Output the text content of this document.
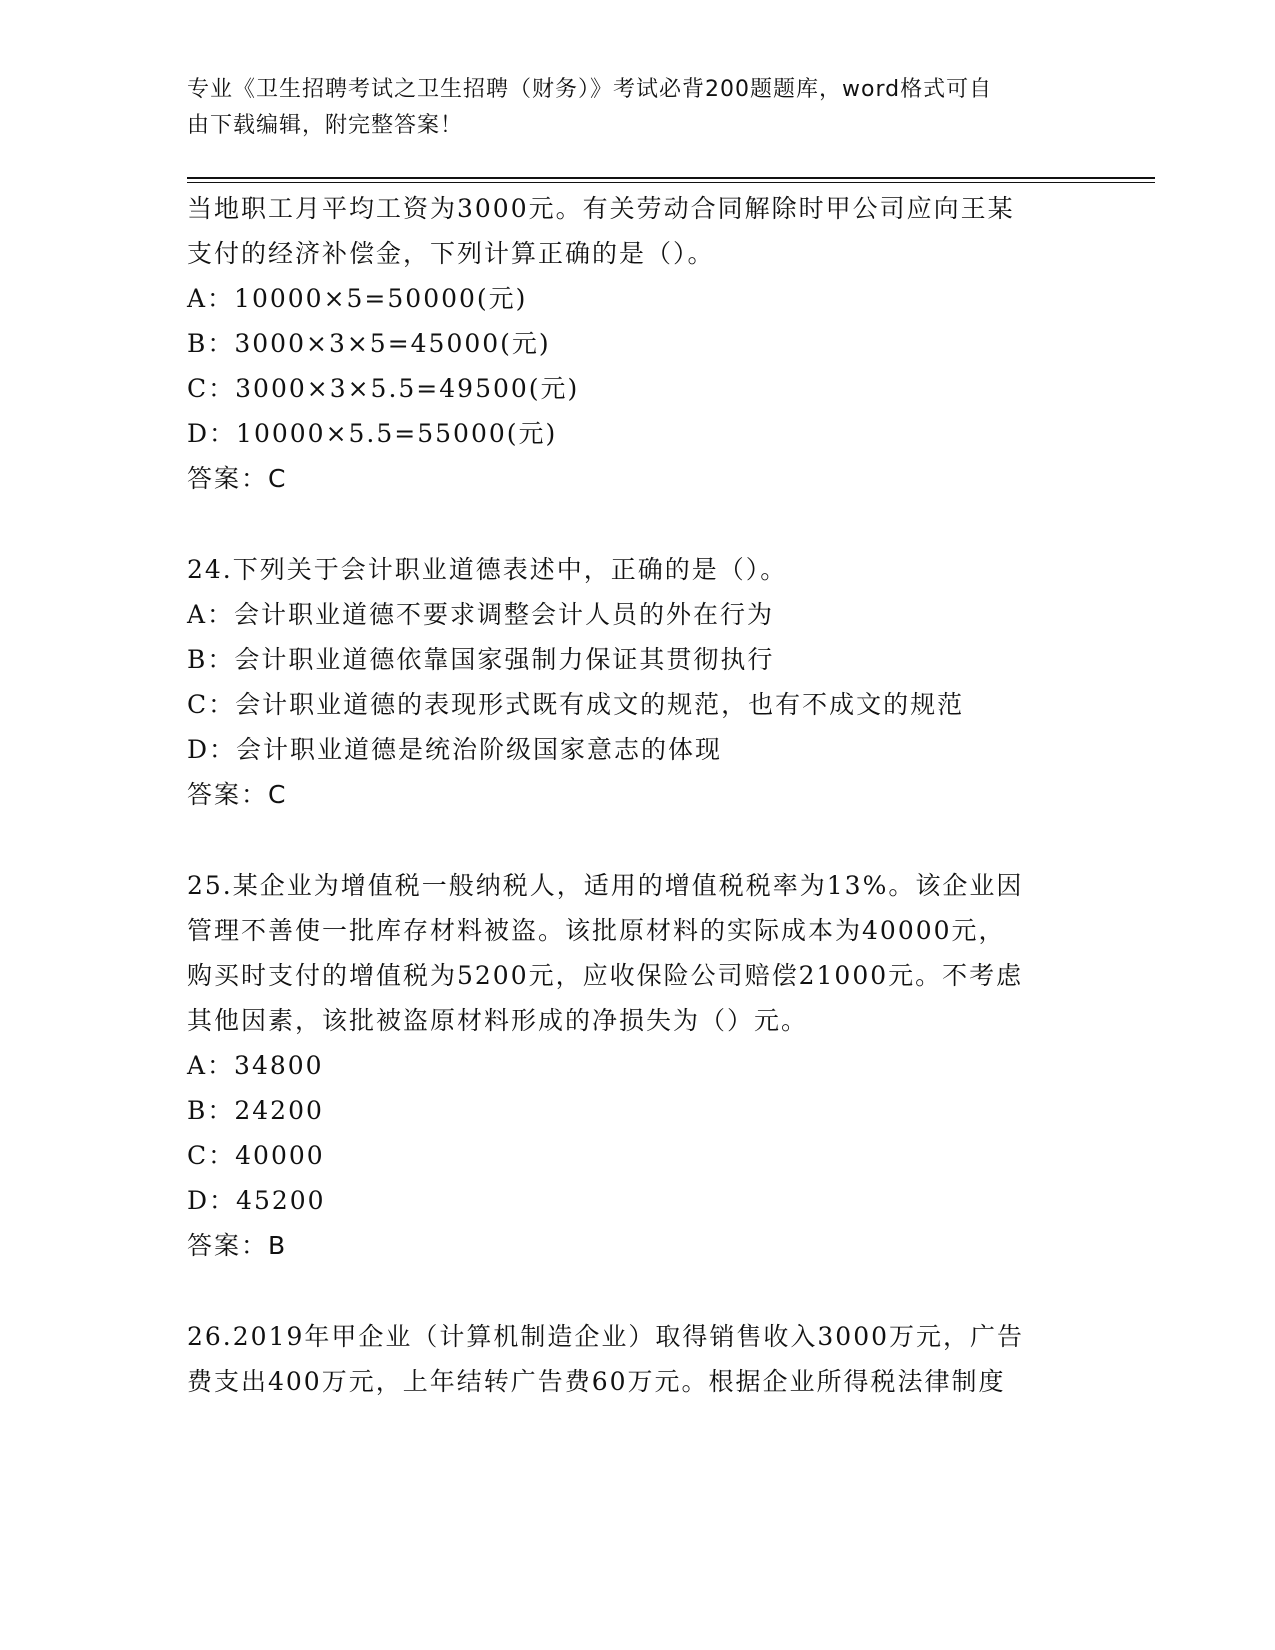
专业《卫生招聘考试之卫生招聘（财务）》考试必背200题题库，word格式可自
由下载编辑，附完整答案！
当地职工月平均工资为3000元。有关劳动合同解除时甲公司应向王某
支付的经济补偿金，下列计算正确的是（）。
A：10000×5=50000(元)
B：3000×3×5=45000(元)
C：3000×3×5.5=49500(元)
D：10000×5.5=55000(元)
答案：C
24.下列关于会计职业道德表述中，正确的是（）。
A：会计职业道德不要求调整会计人员的外在行为
B：会计职业道德依靠国家强制力保证其贯彻执行
C：会计职业道德的表现形式既有成文的规范，也有不成文的规范
D：会计职业道德是统治阶级国家意志的体现
答案：C
25.某企业为增值税一般纳税人，适用的增值税税率为13%。该企业因
管理不善使一批库存材料被盗。该批原材料的实际成本为40000元，
购买时支付的增值税为5200元，应收保险公司赔偿21000元。不考虑
其他因素，该批被盗原材料形成的净损失为（）元。
A：34800
B：24200
C：40000
D：45200
答案：B
26.2019年甲企业（计算机制造企业）取得销售收入3000万元，广告
费支出400万元，上年结转广告费60万元。根据企业所得税法律制度
